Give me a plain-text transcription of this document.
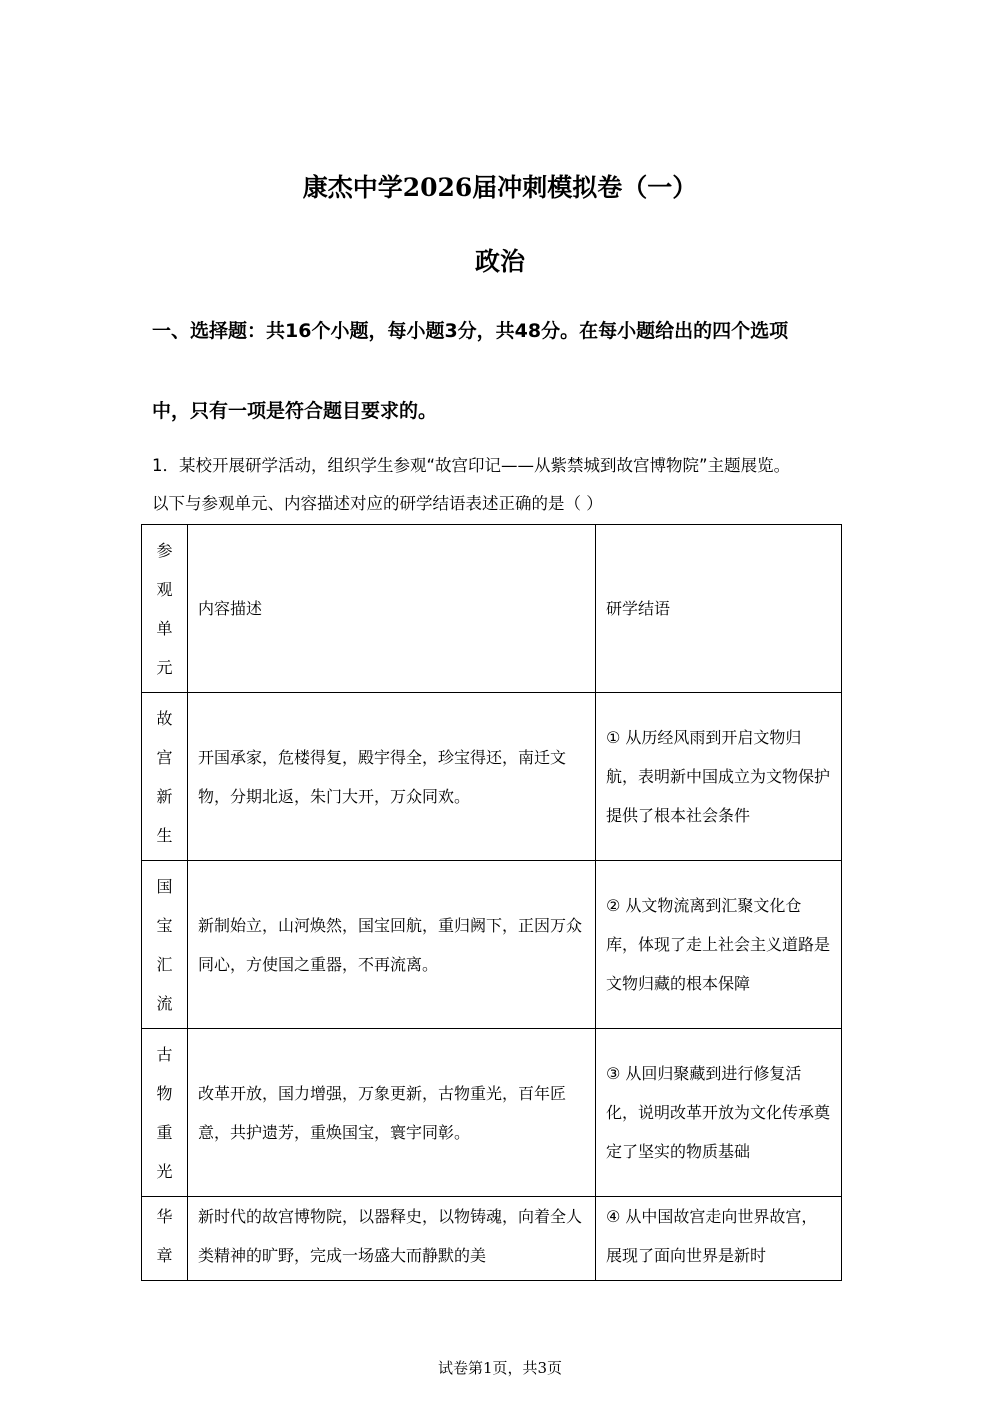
康杰中学2026届冲刺模拟卷（一）
政治
一、选择题：共16个小题，每小题3分，共48分。在每小题给出的四个选项
中，只有一项是符合题目要求的。
1．某校开展研学活动，组织学生参观“故宫印记——从紫禁城到故宫博物院”主题展览。
以下与参观单元、内容描述对应的研学结语表述正确的是（ ）
参
观
单
元	内容描述	研学结语

故
宫
新
生	开国承家，危楼得复，殿宇得全，珍宝得还，南迁文物，分期北返，朱门大开，万众同欢。	① 从历经风雨到开启文物归航，表明新中国成立为文物保护提供了根本社会条件

国
宝
汇
流	新制始立，山河焕然，国宝回航，重归阙下，正因万众同心，方使国之重器，不再流离。	② 从文物流离到汇聚文化仓库，体现了走上社会主义道路是文物归藏的根本保障

古
物
重
光	改革开放，国力增强，万象更新，古物重光，百年匠意，共护遗芳，重焕国宝，寰宇同彰。	③ 从回归聚藏到进行修复活化，说明改革开放为文化传承奠定了坚实的物质基础

华
章	新时代的故宫博物院，以器释史，以物铸魂，向着全人类精神的旷野，完成一场盛大而静默的美	④ 从中国故宫走向世界故宫，展现了面向世界是新时
试卷第1页，共3页
